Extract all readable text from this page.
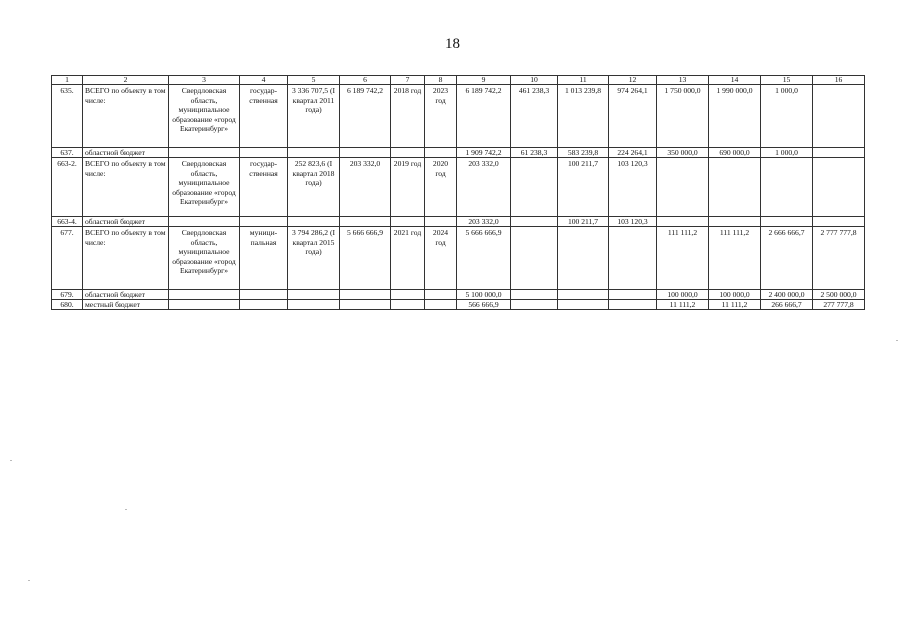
18
1	2	3	4	5	6	7	8	9	10	11	12	13	14	15	16
635.	ВСЕГО по объекту в том числе:	Свердловская область, муниципальное образование «город Екатеринбург»	государ-ственная	3 336 707,5 (I квартал 2011 года)	6 189 742,2	2018 год	2023 год	6 189 742,2	461 238,3	1 013 239,8	974 264,1	1 750 000,0	1 990 000,0	1 000,0	
637.	областной бюджет							1 909 742,2	61 238,3	583 239,8	224 264,1	350 000,0	690 000,0	1 000,0	
663-2.	ВСЕГО по объекту в том числе:	Свердловская область, муниципальное образование «город Екатеринбург»	государ-ственная	252 823,6 (I квартал 2018 года)	203 332,0	2019 год	2020 год	203 332,0		100 211,7	103 120,3				
663-4.	областной бюджет							203 332,0		100 211,7	103 120,3				
677.	ВСЕГО по объекту в том числе:	Свердловская область, муниципальное образование «город Екатеринбург»	муници-пальная	3 794 286,2 (I квартал 2015 года)	5 666 666,9	2021 год	2024 год	5 666 666,9				111 111,2	111 111,2	2 666 666,7	2 777 777,8
679.	областной бюджет							5 100 000,0				100 000,0	100 000,0	2 400 000,0	2 500 000,0
680.	местный бюджет							566 666,9				11 111,2	11 111,2	266 666,7	277 777,8
